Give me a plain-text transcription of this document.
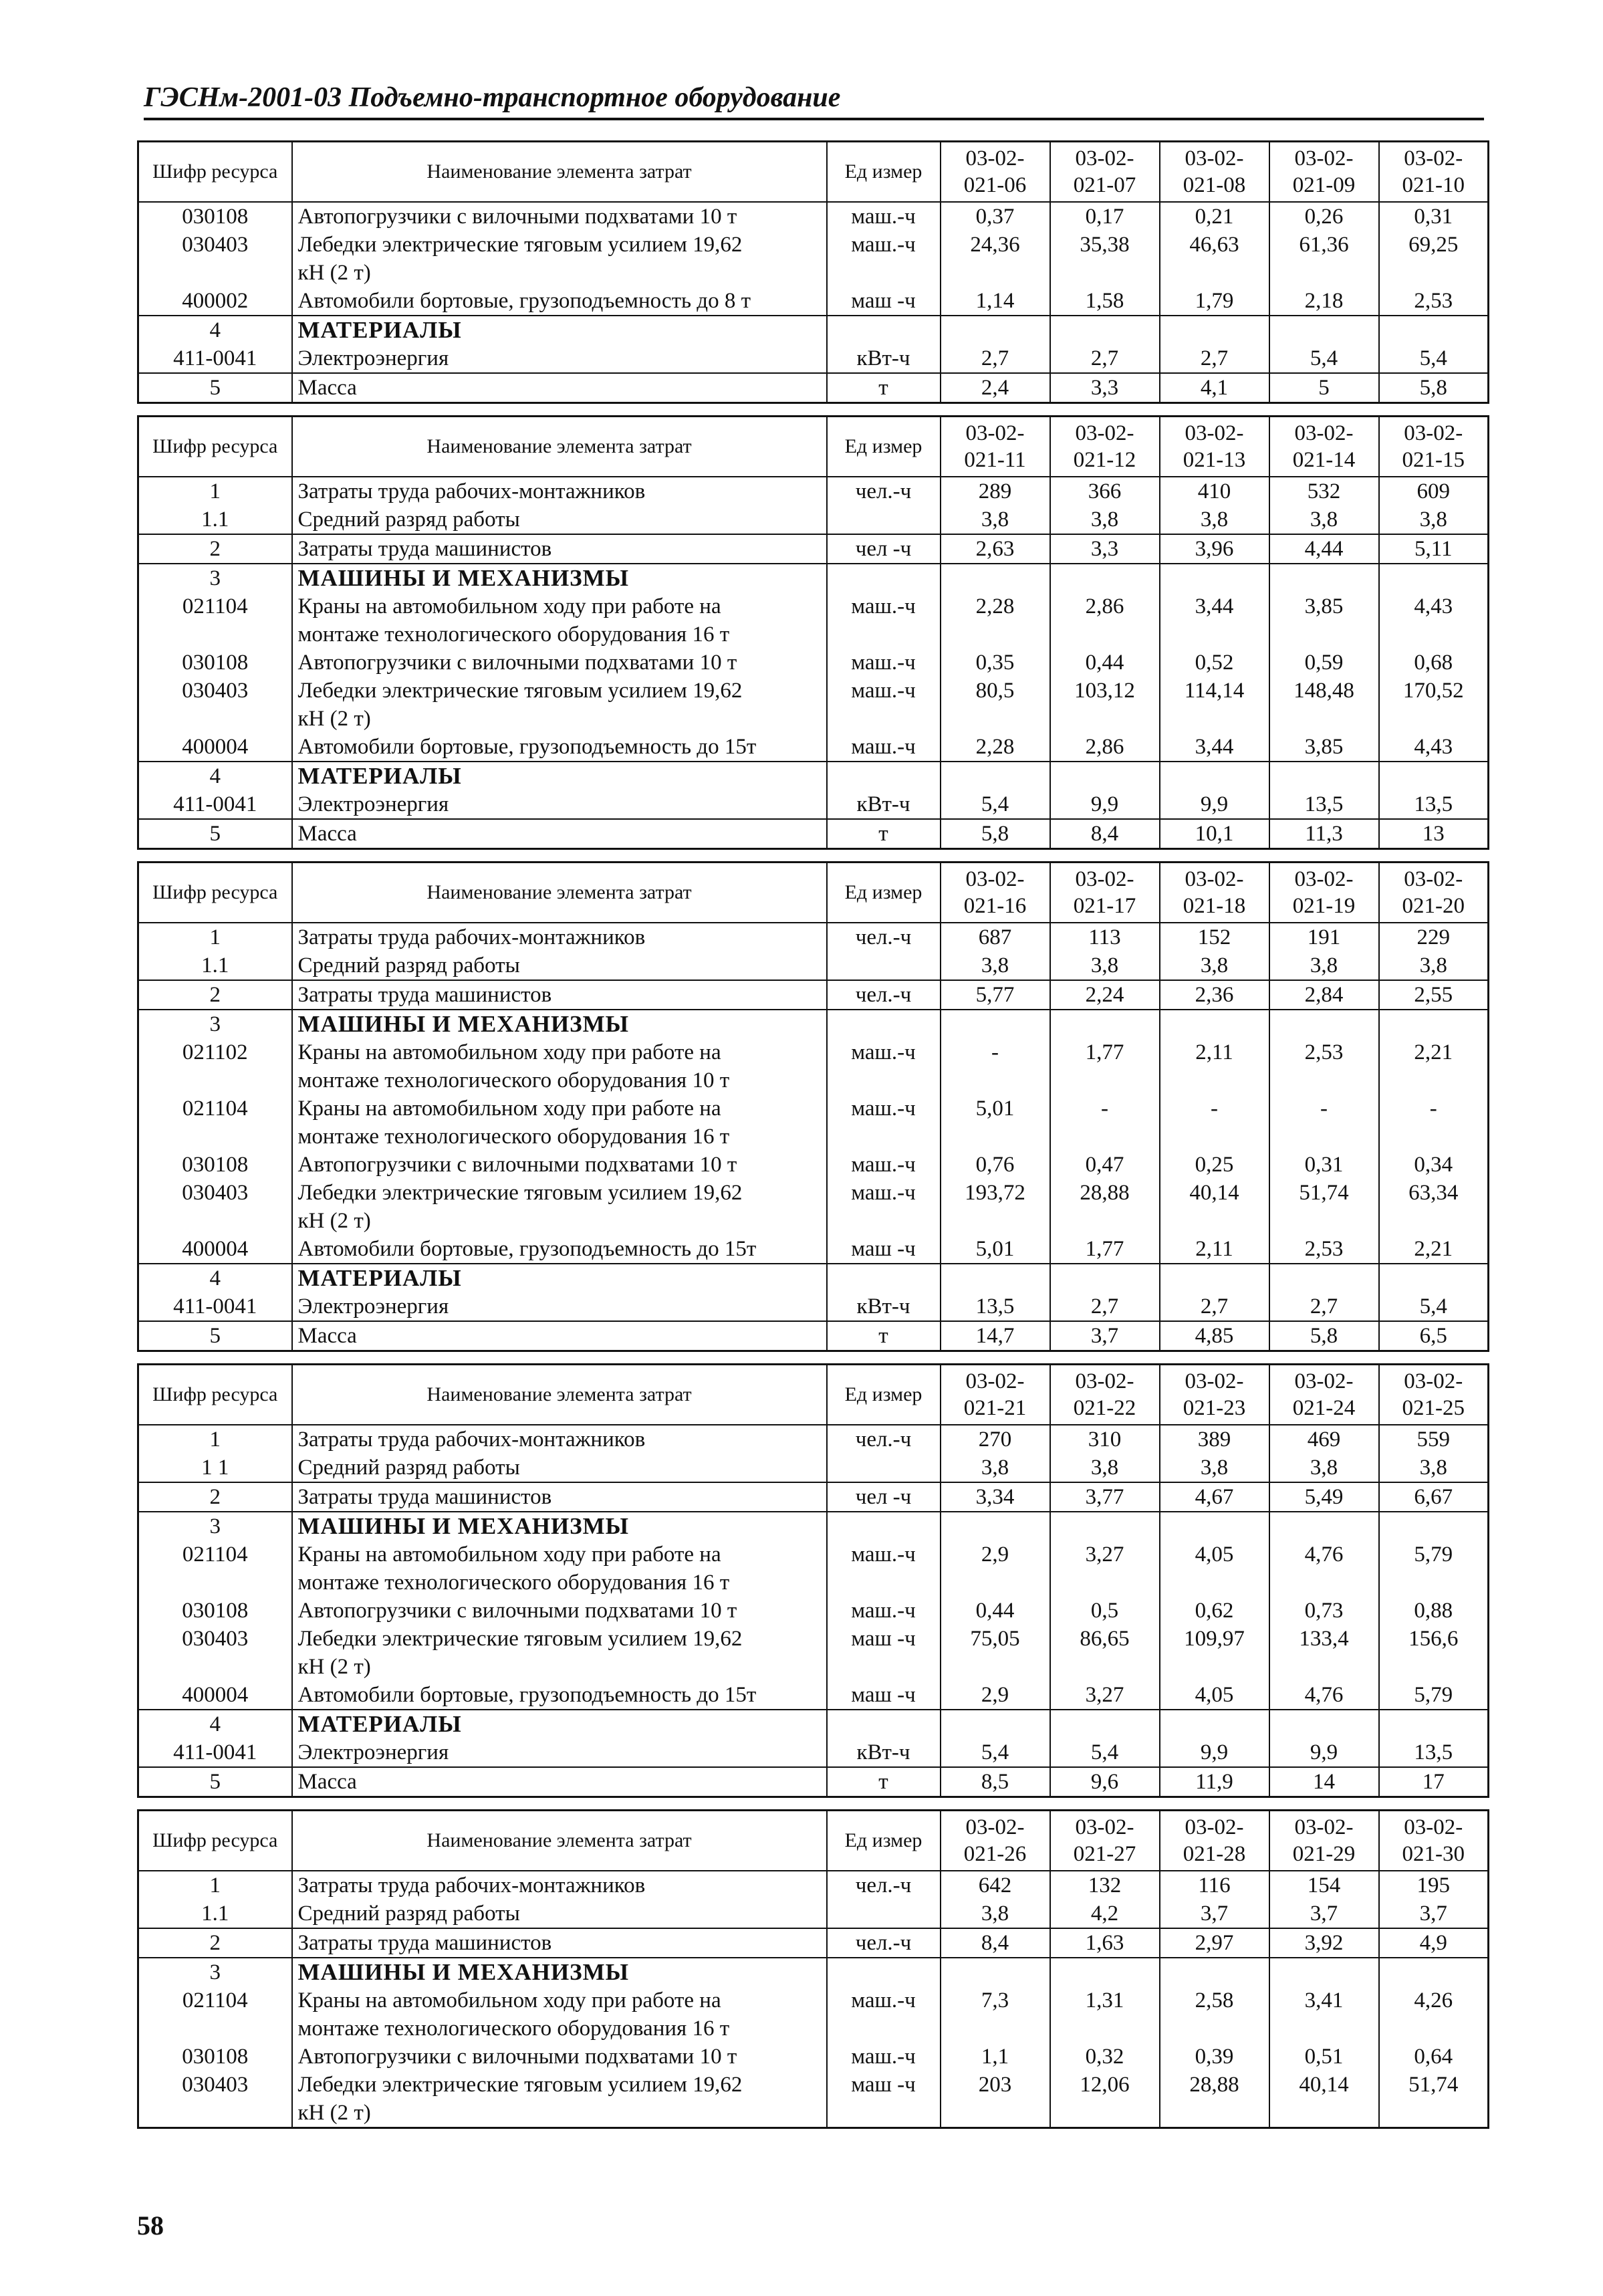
ГЭСНм-2001-03 Подъемно-транспортное оборудование
Шифр ресурса	Наименование элемента затрат	Ед измер	03-02-021-06	03-02-021-07	03-02-021-08	03-02-021-09	03-02-021-10
030108	Автопогрузчики с вилочными подхватами 10 т	маш.-ч	0,37	0,17	0,21	0,26	0,31
030403	Лебедки электрические тяговым усилием 19,62
кН (2 т)	маш.-ч	24,36	35,38	46,63	61,36	69,25
400002	Автомобили бортовые, грузоподъемность до 8 т	маш -ч	1,14	1,58	1,79	2,18	2,53
4	МАТЕРИАЛЫ						

411-0041	Электроэнергия	кВт-ч	2,7	2,7	2,7	5,4	5,4
5	Масса	т	2,4	3,3	4,1	5	5,8
Шифр ресурса	Наименование элемента затрат	Ед измер	03-02-021-11	03-02-021-12	03-02-021-13	03-02-021-14	03-02-021-15
1	Затраты труда рабочих-монтажников	чел.-ч	289	366	410	532	609
1.1	Средний разряд работы		3,8	3,8	3,8	3,8	3,8
2	Затраты труда машинистов	чел -ч	2,63	3,3	3,96	4,44	5,11
3	МАШИНЫ И МЕХАНИЗМЫ						

021104	Краны на автомобильном ходу при работе на
монтаже технологического оборудования 16 т	маш.-ч	2,28	2,86	3,44	3,85	4,43
030108	Автопогрузчики с вилочными подхватами 10 т	маш.-ч	0,35	0,44	0,52	0,59	0,68
030403	Лебедки электрические тяговым усилием 19,62
кН (2 т)	маш.-ч	80,5	103,12	114,14	148,48	170,52
400004	Автомобили бортовые, грузоподъемность до 15т	маш.-ч	2,28	2,86	3,44	3,85	4,43
4	МАТЕРИАЛЫ						

411-0041	Электроэнергия	кВт-ч	5,4	9,9	9,9	13,5	13,5
5	Масса	т	5,8	8,4	10,1	11,3	13
Шифр ресурса	Наименование элемента затрат	Ед измер	03-02-021-16	03-02-021-17	03-02-021-18	03-02-021-19	03-02-021-20
1	Затраты труда рабочих-монтажников	чел.-ч	687	113	152	191	229
1.1	Средний разряд работы		3,8	3,8	3,8	3,8	3,8
2	Затраты труда машинистов	чел.-ч	5,77	2,24	2,36	2,84	2,55
3	МАШИНЫ И МЕХАНИЗМЫ						

021102	Краны на автомобильном ходу при работе на
монтаже технологического оборудования 10 т	маш.-ч	-	1,77	2,11	2,53	2,21
021104	Краны на автомобильном ходу при работе на
монтаже технологического оборудования 16 т	маш.-ч	5,01	-	-	-	-
030108	Автопогрузчики с вилочными подхватами 10 т	маш.-ч	0,76	0,47	0,25	0,31	0,34
030403	Лебедки электрические тяговым усилием 19,62
кН (2 т)	маш.-ч	193,72	28,88	40,14	51,74	63,34
400004	Автомобили бортовые, грузоподъемность до 15т	маш -ч	5,01	1,77	2,11	2,53	2,21
4	МАТЕРИАЛЫ						

411-0041	Электроэнергия	кВт-ч	13,5	2,7	2,7	2,7	5,4
5	Масса	т	14,7	3,7	4,85	5,8	6,5
Шифр ресурса	Наименование элемента затрат	Ед измер	03-02-021-21	03-02-021-22	03-02-021-23	03-02-021-24	03-02-021-25
1	Затраты труда рабочих-монтажников	чел.-ч	270	310	389	469	559
1 1	Средний разряд работы		3,8	3,8	3,8	3,8	3,8
2	Затраты труда машинистов	чел -ч	3,34	3,77	4,67	5,49	6,67
3	МАШИНЫ И МЕХАНИЗМЫ						

021104	Краны на автомобильном ходу при работе на
монтаже технологического оборудования 16 т	маш.-ч	2,9	3,27	4,05	4,76	5,79
030108	Автопогрузчики с вилочными подхватами 10 т	маш.-ч	0,44	0,5	0,62	0,73	0,88
030403	Лебедки электрические тяговым усилием 19,62
кН (2 т)	маш -ч	75,05	86,65	109,97	133,4	156,6
400004	Автомобили бортовые, грузоподъемность до 15т	маш -ч	2,9	3,27	4,05	4,76	5,79
4	МАТЕРИАЛЫ						

411-0041	Электроэнергия	кВт-ч	5,4	5,4	9,9	9,9	13,5
5	Масса	т	8,5	9,6	11,9	14	17
Шифр ресурса	Наименование элемента затрат	Ед измер	03-02-021-26	03-02-021-27	03-02-021-28	03-02-021-29	03-02-021-30
1	Затраты труда рабочих-монтажников	чел.-ч	642	132	116	154	195
1.1	Средний разряд работы		3,8	4,2	3,7	3,7	3,7
2	Затраты труда машинистов	чел.-ч	8,4	1,63	2,97	3,92	4,9
3	МАШИНЫ И МЕХАНИЗМЫ						

021104	Краны на автомобильном ходу при работе на
монтаже технологического оборудования 16 т	маш.-ч	7,3	1,31	2,58	3,41	4,26
030108	Автопогрузчики с вилочными подхватами 10 т	маш.-ч	1,1	0,32	0,39	0,51	0,64
030403	Лебедки электрические тяговым усилием 19,62
кН (2 т)	маш -ч	203	12,06	28,88	40,14	51,74
58
